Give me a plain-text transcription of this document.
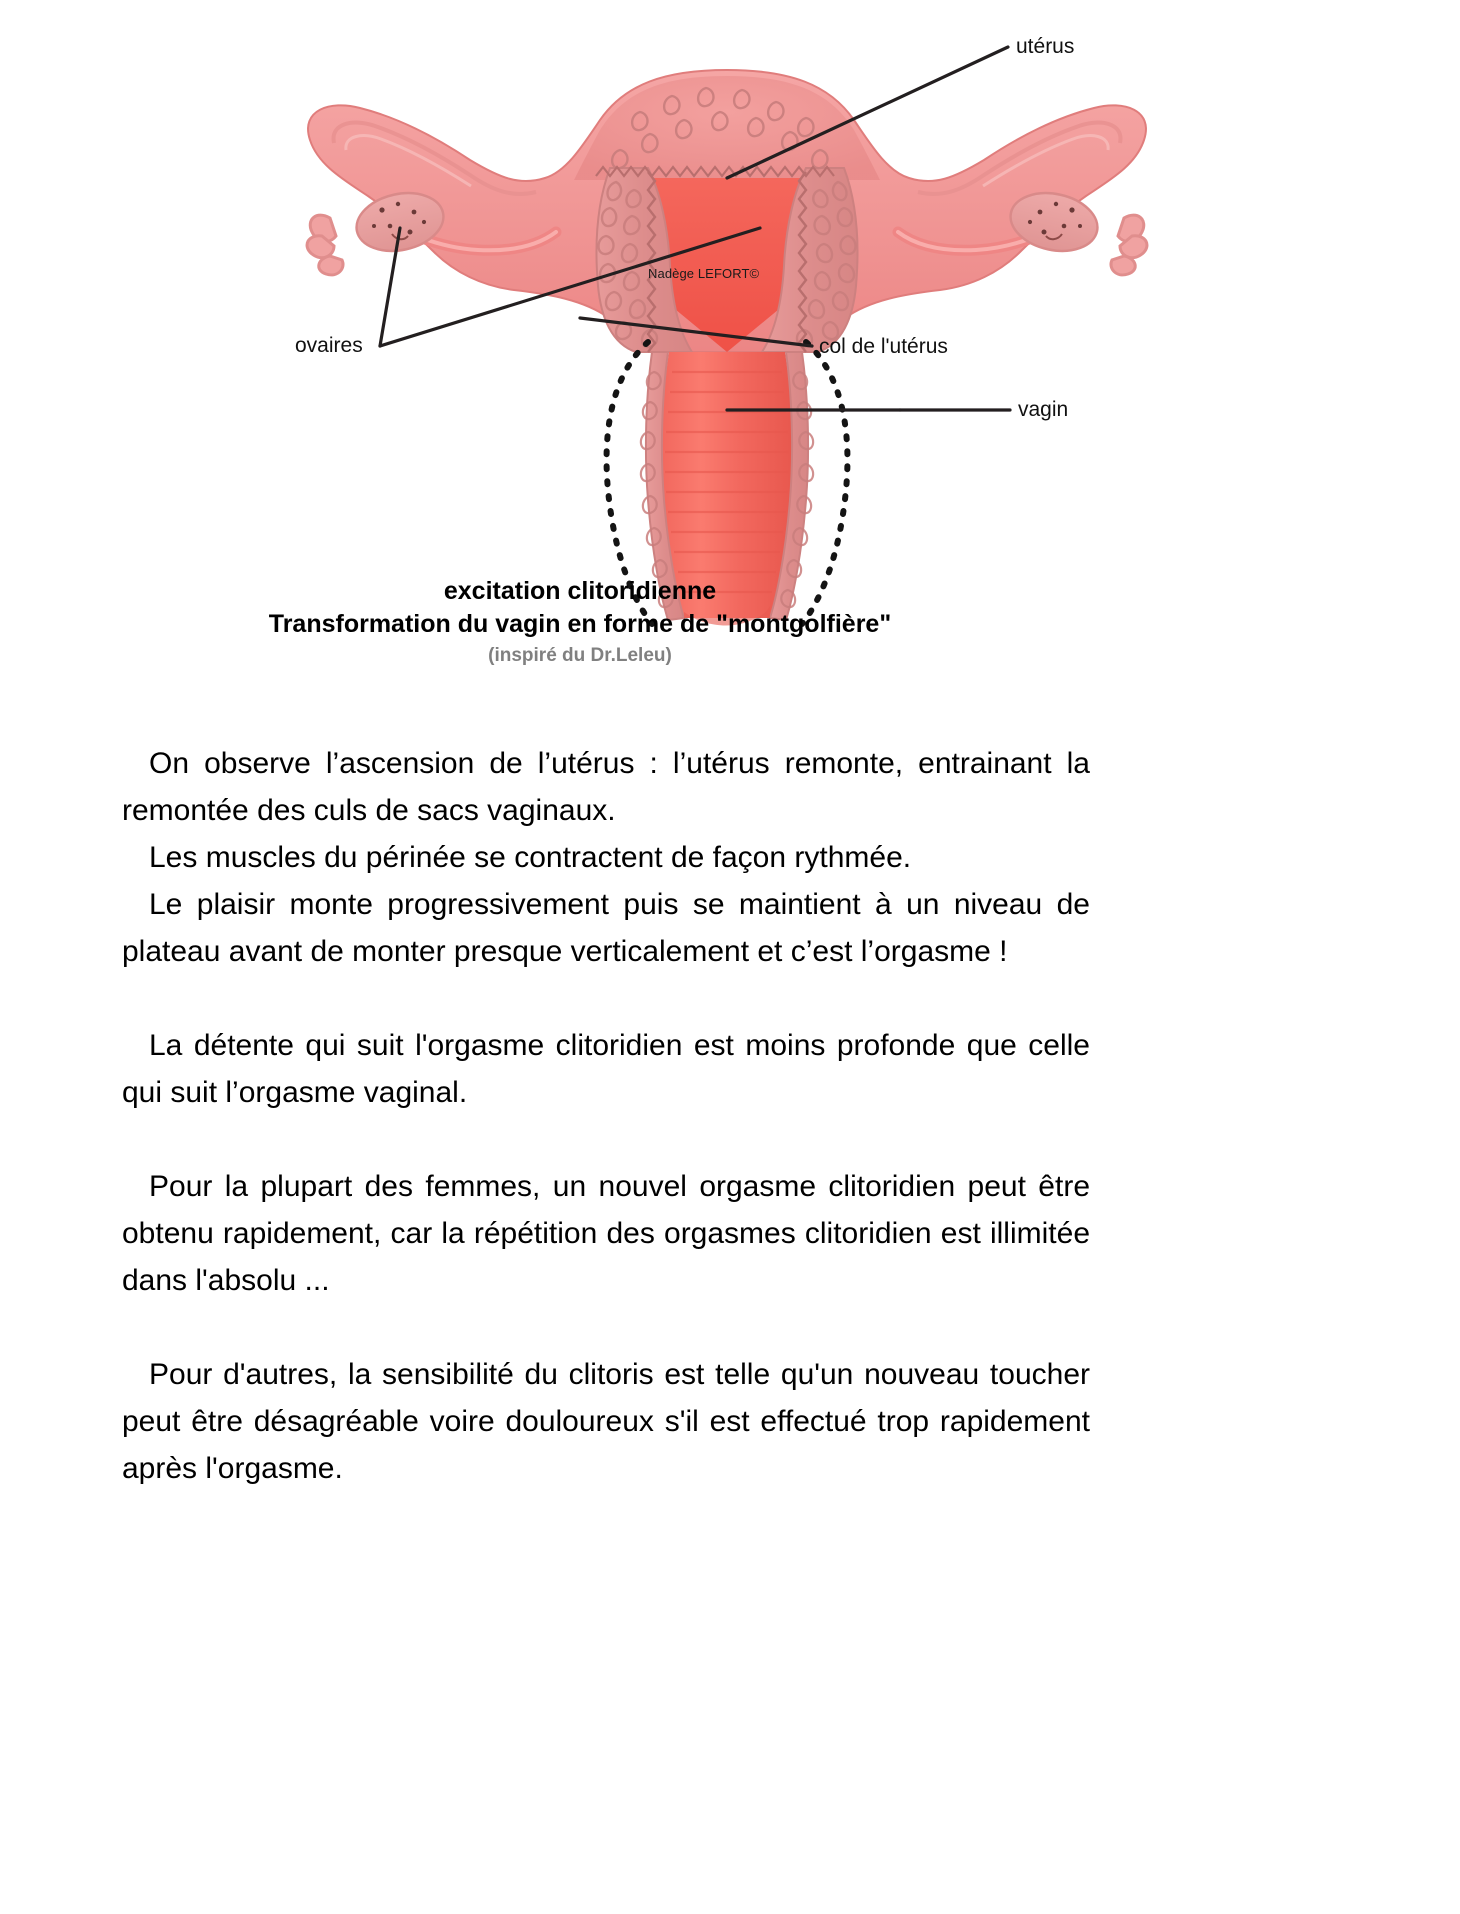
utérus
ovaires	col de l'utérus
vagin
Nadège LEFORT©
excitation clitoridienne
Transformation du vagin en forme de "montgolfière"
(inspiré du Dr.Leleu)

On observe l’ascension de l’utérus : l’utérus remonte, entrainant la remontée des culs de sacs vaginaux.

Les muscles du périnée se contractent de façon rythmée.

Le plaisir monte progressivement puis se maintient à un niveau de plateau avant de monter presque verticalement et c’est l’orgasme !

La détente qui suit l'orgasme clitoridien est moins profonde que celle qui suit l’orgasme vaginal.

Pour la plupart des femmes, un nouvel orgasme clitoridien peut être obtenu rapidement, car la répétition des orgasmes clitoridien est illimitée dans l'absolu ...

Pour d'autres, la sensibilité du clitoris est telle qu'un nouveau toucher peut être désagréable voire douloureux s'il est effectué trop rapidement après l'orgasme.
